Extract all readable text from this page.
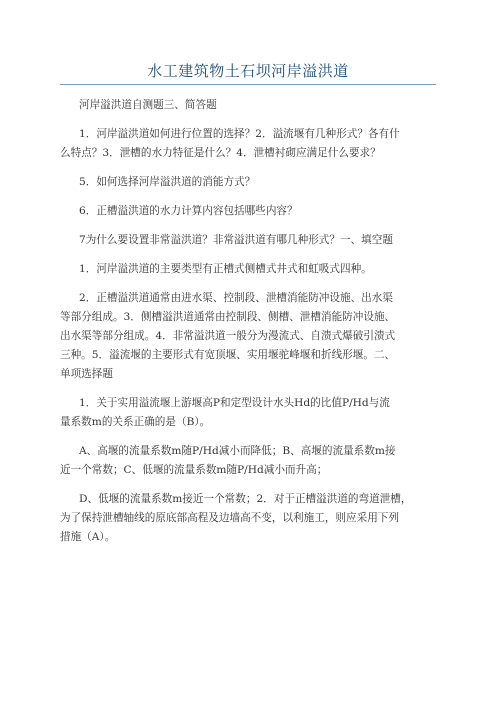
水工建筑物土石坝河岸溢洪道

河岸溢洪道自测题三、简答题

1．河岸溢洪道如何进行位置的选择？2．溢流堰有几种形式？各有什
么特点？3．泄槽的水力特征是什么？4．泄槽衬砌应满足什么要求？

5．如何选择河岸溢洪道的消能方式？

6．正槽溢洪道的水力计算内容包括哪些内容？

7为什么要设置非常溢洪道？非常溢洪道有哪几种形式？一、填空题

1．河岸溢洪道的主要类型有正槽式侧槽式井式和虹吸式四种。

2．正槽溢洪道通常由进水渠、控制段、泄槽消能防冲设施、出水渠
等部分组成。3．侧槽溢洪道通常由控制段、侧槽、泄槽消能防冲设施、
出水渠等部分组成。4．非常溢洪道一般分为漫流式、自溃式爆破引溃式
三种。5．溢流堰的主要形式有宽顶堰、实用堰驼峰堰和折线形堰。二、
单项选择题

1．关于实用溢流堰上游堰高P和定型设计水头Hd的比值P/Hd与流
量系数m的关系正确的是（B）。

A、高堰的流量系数m随P/Hd减小而降低；B、高堰的流量系数m接
近一个常数；C、低堰的流量系数m随P/Hd减小而升高；

D、低堰的流量系数m接近一个常数；2．对于正槽溢洪道的弯道泄槽，
为了保持泄槽轴线的原底部高程及边墙高不变，以利施工，则应采用下列
措施（A）。
